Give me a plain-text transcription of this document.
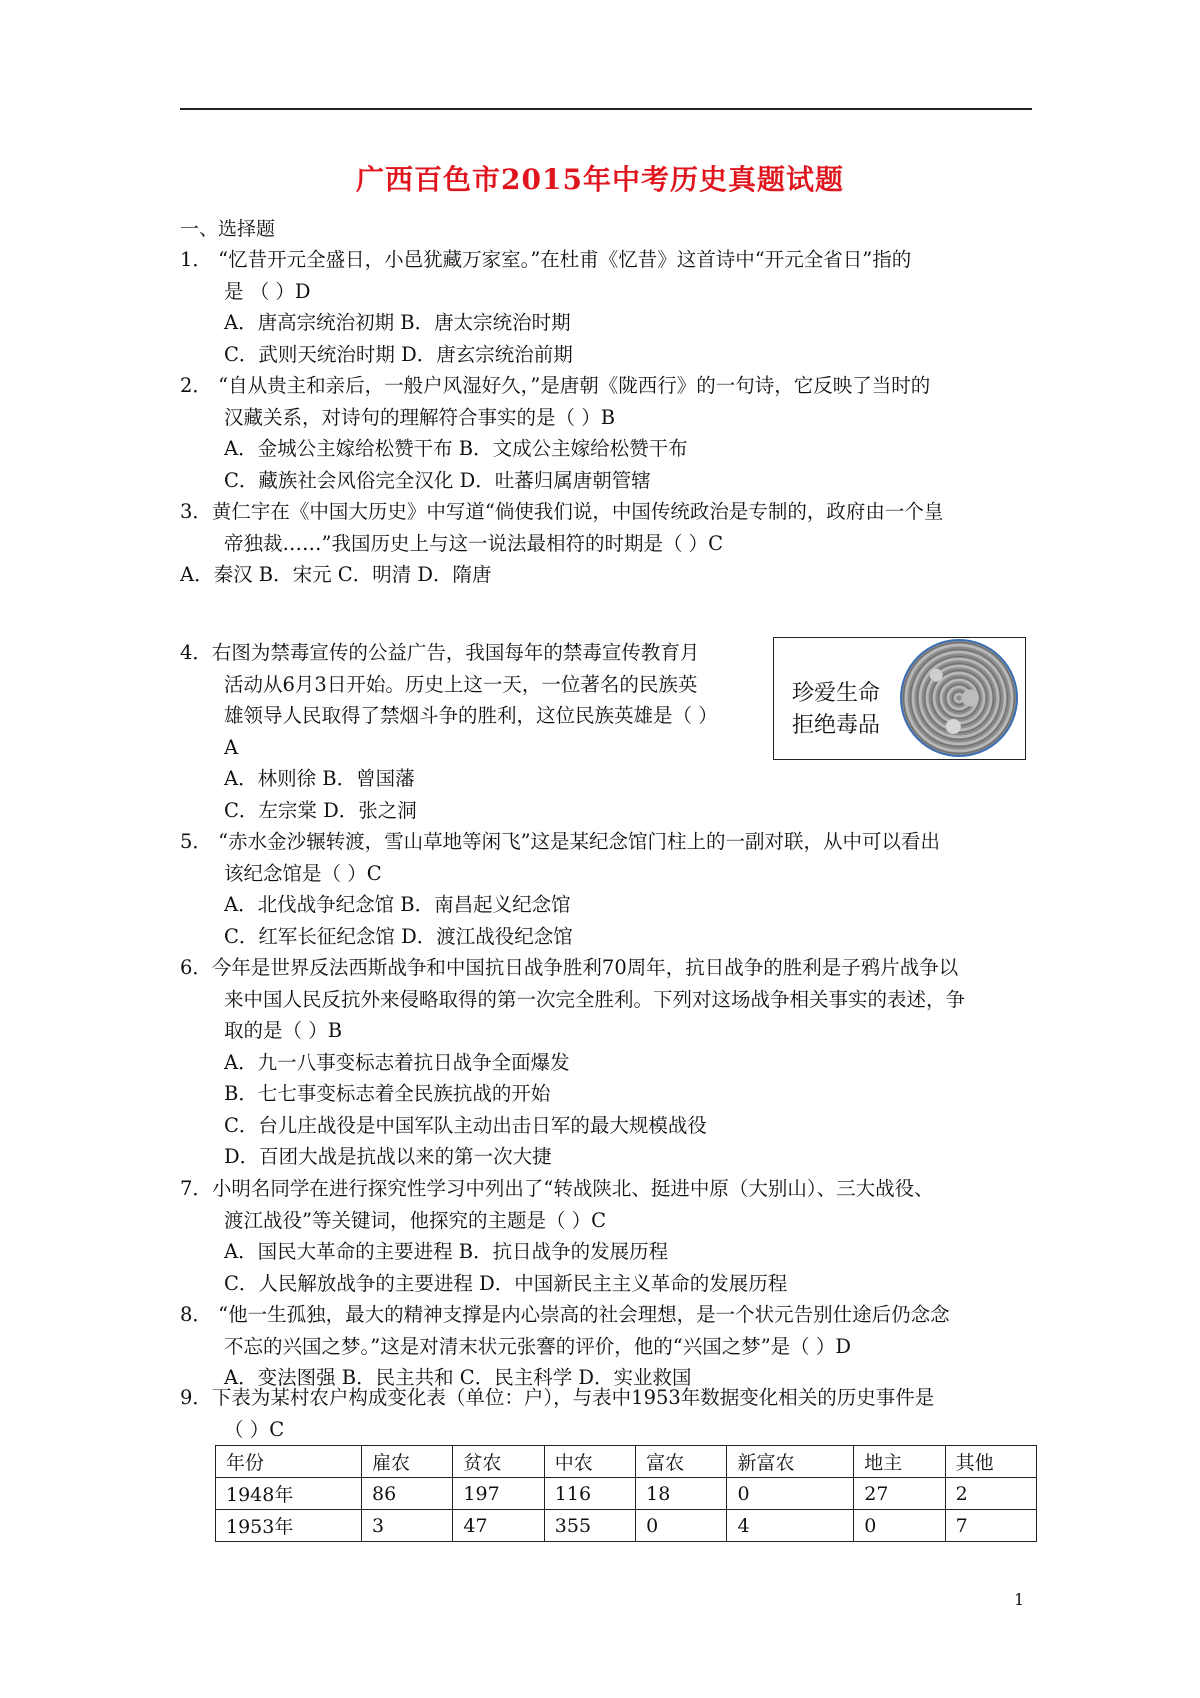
广西百色市2015年中考历史真题试题
一、选择题
1． “忆昔开元全盛日，小邑犹藏万家室。”在杜甫《忆昔》这首诗中“开元全省日”指的
是 （ ）D
A．唐高宗统治初期 B．唐太宗统治时期
C．武则天统治时期 D．唐玄宗统治前期
2． “自从贵主和亲后，一般户风湿好久，”是唐朝《陇西行》的一句诗，它反映了当时的
汉藏关系，对诗句的理解符合事实的是（ ）B
A．金城公主嫁给松赞干布 B．文成公主嫁给松赞干布
C．藏族社会风俗完全汉化 D．吐蕃归属唐朝管辖
3．黄仁宇在《中国大历史》中写道“倘使我们说，中国传统政治是专制的，政府由一个皇
帝独裁……”我国历史上与这一说法最相符的时期是（ ）C
A．秦汉 B．宋元 C．明清 D．隋唐
4．右图为禁毒宣传的公益广告，我国每年的禁毒宣传教育月
活动从6月3日开始。历史上这一天，一位著名的民族英
雄领导人民取得了禁烟斗争的胜利，这位民族英雄是（ ）
A
A．林则徐 B．曾国藩
C．左宗棠 D．张之洞
珍爱生命
拒绝毒品
5． “赤水金沙辗转渡，雪山草地等闲飞”这是某纪念馆门柱上的一副对联，从中可以看出
该纪念馆是（ ）C
A．北伐战争纪念馆 B．南昌起义纪念馆
C．红军长征纪念馆 D．渡江战役纪念馆
6．今年是世界反法西斯战争和中国抗日战争胜利70周年，抗日战争的胜利是子鸦片战争以
来中国人民反抗外来侵略取得的第一次完全胜利。下列对这场战争相关事实的表述，争
取的是（ ）B
A．九一八事变标志着抗日战争全面爆发
B．七七事变标志着全民族抗战的开始
C．台儿庄战役是中国军队主动出击日军的最大规模战役
D．百团大战是抗战以来的第一次大捷
7．小明名同学在进行探究性学习中列出了“转战陕北、挺进中原（大别山）、三大战役、
渡江战役”等关键词，他探究的主题是（ ）C
A．国民大革命的主要进程 B．抗日战争的发展历程
C．人民解放战争的主要进程 D．中国新民主主义革命的发展历程
8． “他一生孤独，最大的精神支撑是内心崇高的社会理想，是一个状元告别仕途后仍念念
不忘的兴国之梦。”这是对清末状元张謇的评价，他的“兴国之梦”是（ ）D
A．变法图强 B．民主共和 C．民主科学 D．实业救国
9．下表为某村农户构成变化表（单位：户），与表中1953年数据变化相关的历史事件是
（ ）C
年份	雇农	贫农	中农	富农	新富农	地主	其他
1948年	86	197	116	18	0	27	2
1953年	3	47	355	0	4	0	7
1
